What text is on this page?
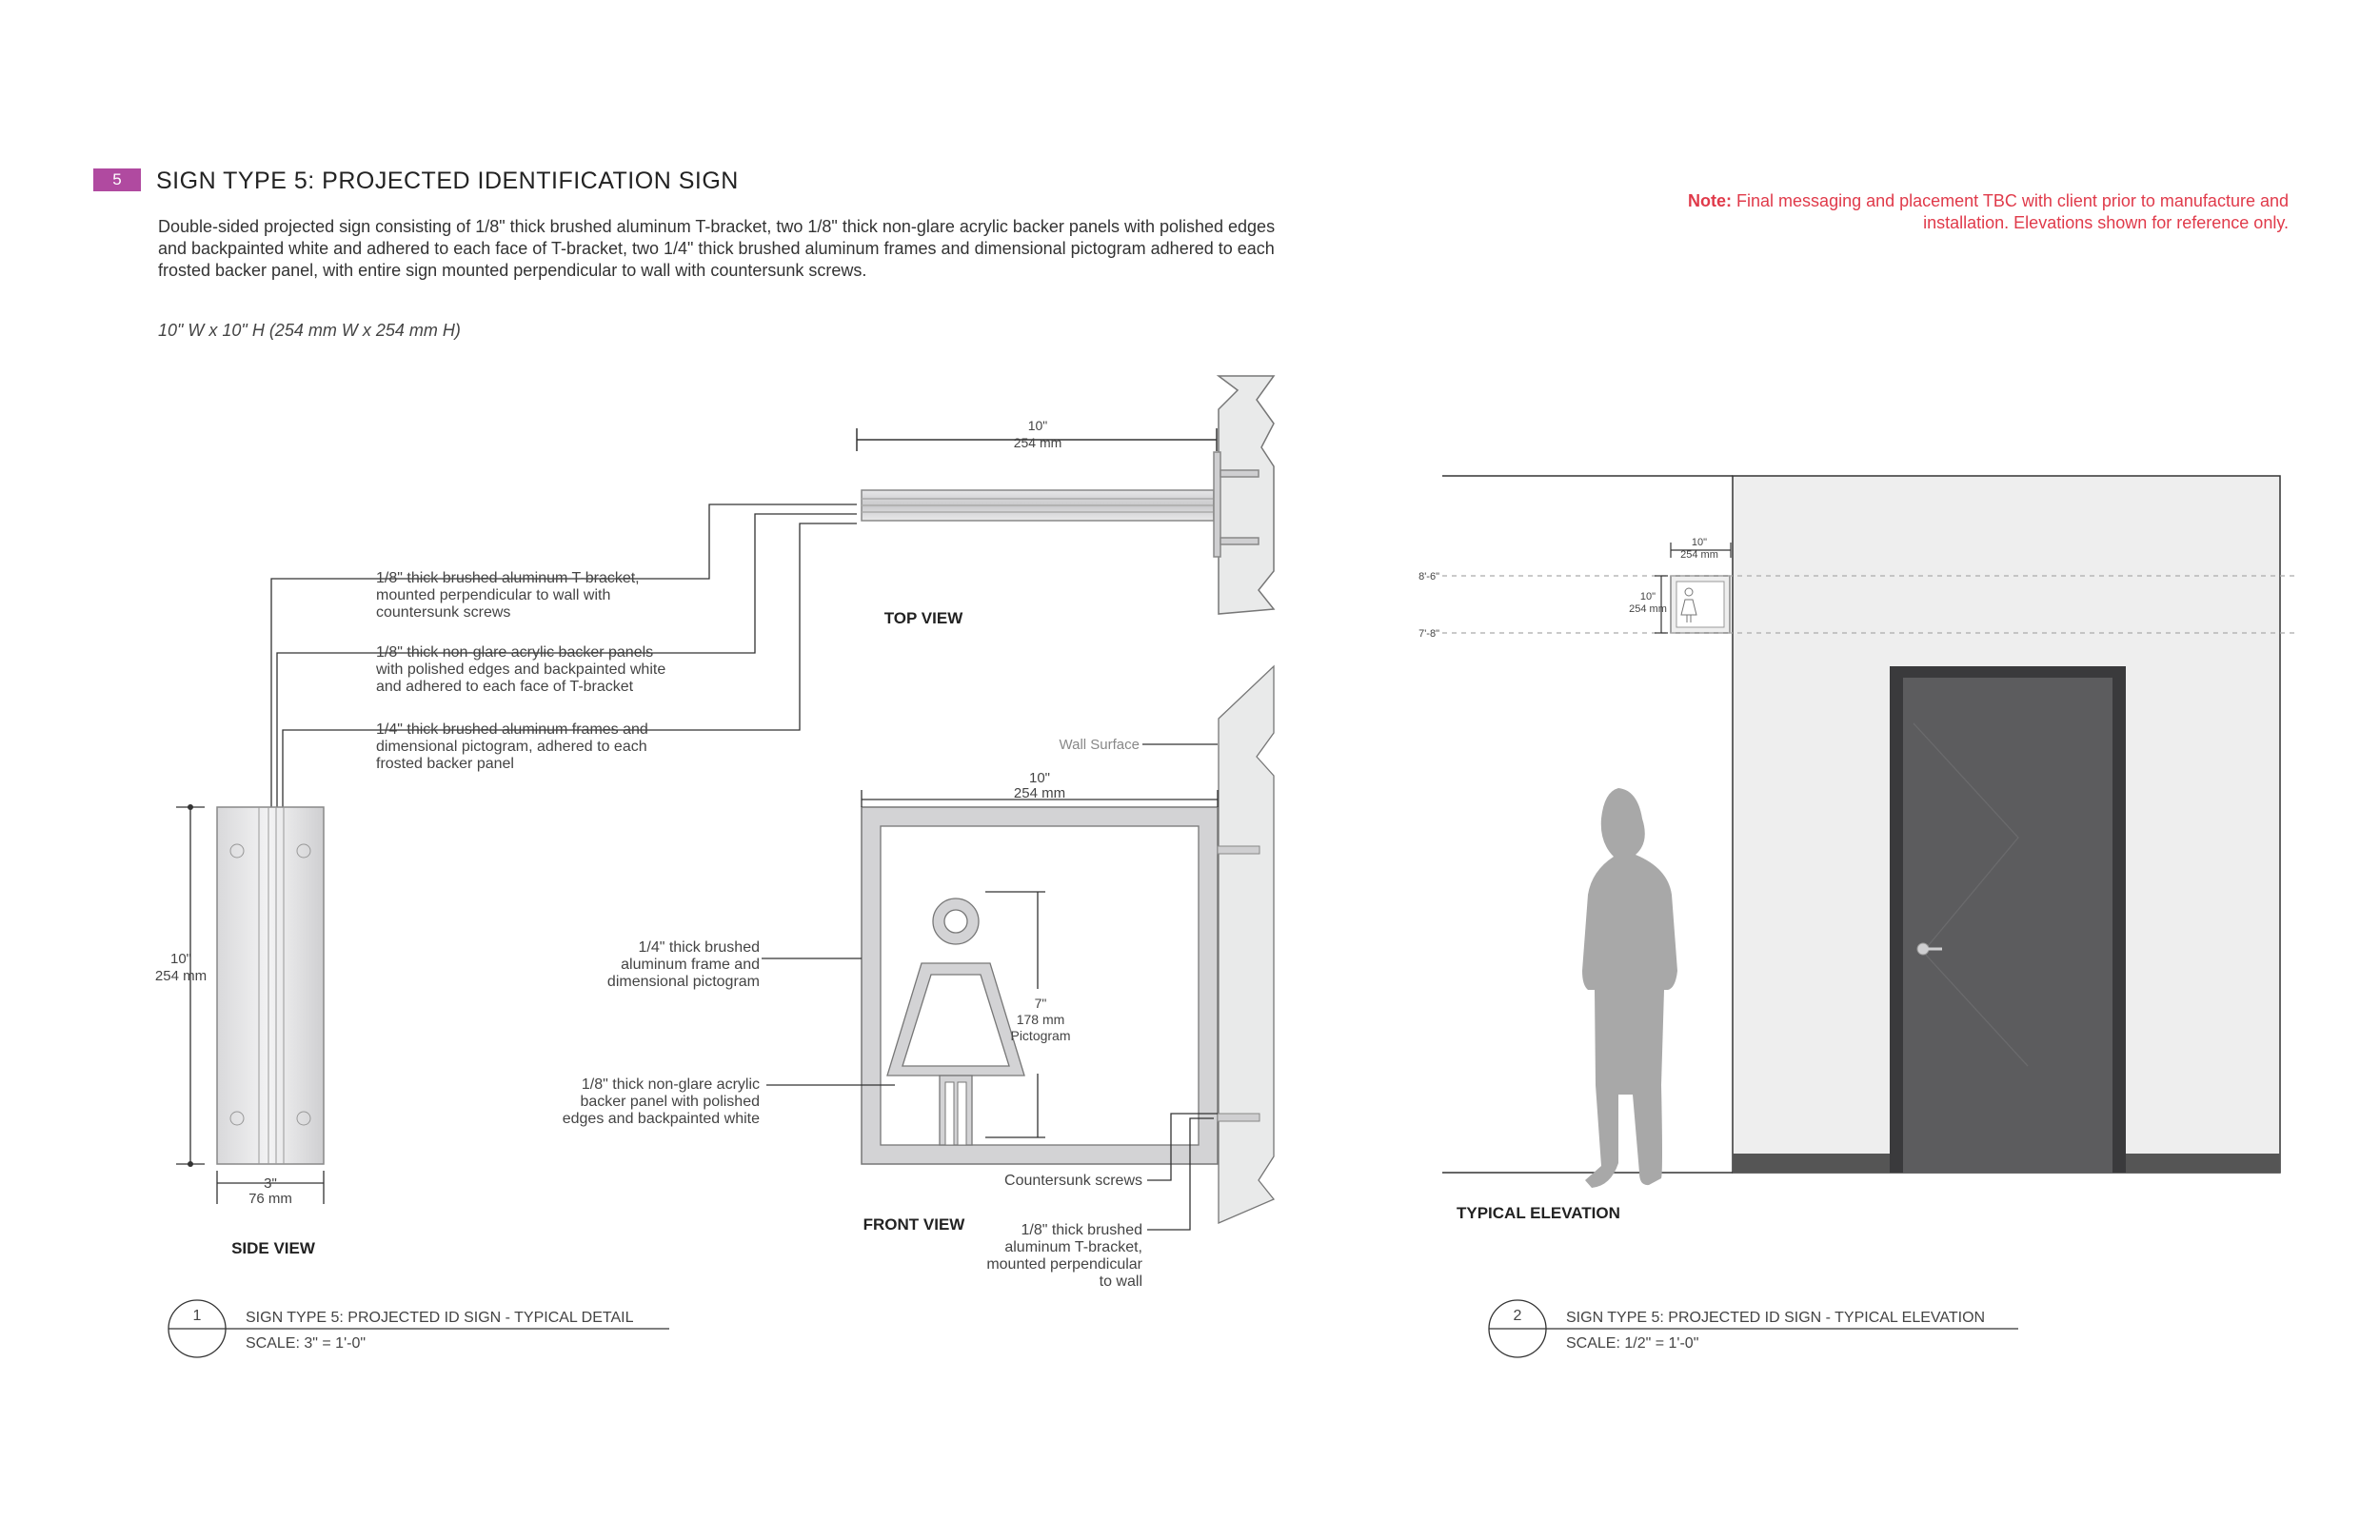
5	SIGN TYPE 5: PROJECTED IDENTIFICATION SIGN
Double-sided projected sign consisting of 1/8" thick brushed aluminum T-bracket, two 1/8" thick non-glare acrylic backer panels with polished edges and backpainted white and adhered to each face of T-bracket, two 1/4" thick brushed aluminum frames and dimensional pictogram adhered to each frosted backer panel, with entire sign mounted perpendicular to wall with countersunk screws.
10" W x 10" H (254 mm W x 254 mm H)
Note: Final messaging and placement TBC with client prior to manufacture and installation. Elevations shown for reference only.
10"
254 mm
TOP VIEW
1/8" thick brushed aluminum T-bracket,
mounted perpendicular to wall with
countersunk screws
1/8" thick non-glare acrylic backer panels
with polished edges and backpainted white
and adhered to each face of T-bracket
1/4" thick brushed aluminum frames and
dimensional pictogram, adhered to each
frosted backer panel
10"
254 mm
3"
76 mm
SIDE VIEW
10"
254 mm
Wall Surface
7"
178 mm
Pictogram
1/4" thick brushed
aluminum frame and
dimensional pictogram
1/8" thick non-glare acrylic
backer panel with polished
edges and backpainted white
Countersunk screws
1/8" thick brushed
aluminum T-bracket,
mounted perpendicular
to wall
FRONT VIEW
1	SIGN TYPE 5: PROJECTED ID SIGN - TYPICAL DETAIL
SCALE: 3" = 1'-0"
10"
254 mm
10"
254 mm
8'-6"
7'-8"
TYPICAL ELEVATION
2	SIGN TYPE 5: PROJECTED ID SIGN - TYPICAL ELEVATION
SCALE: 1/2" = 1'-0"
